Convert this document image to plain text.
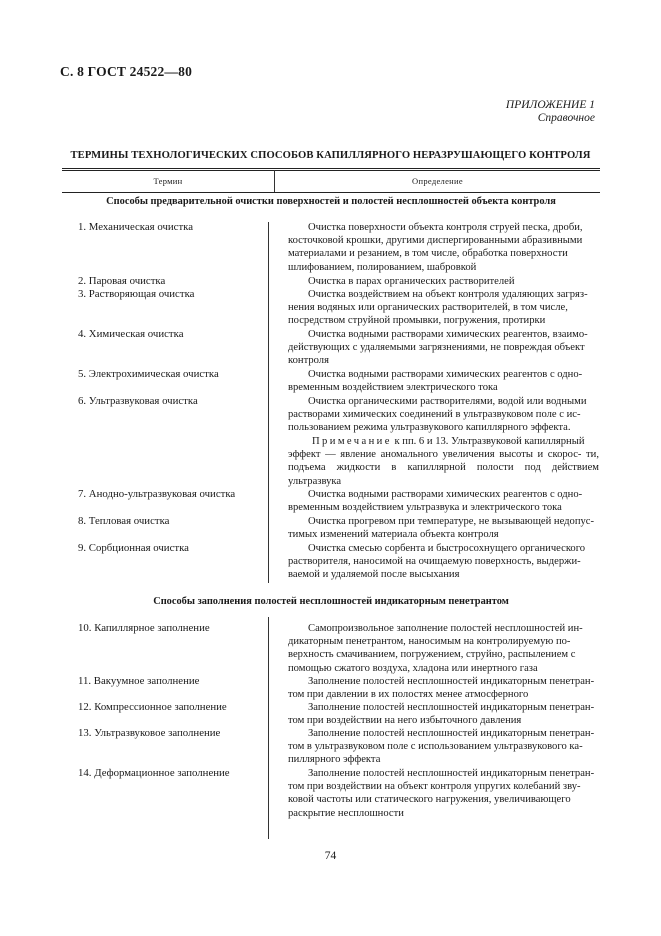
С. 8 ГОСТ 24522—80
ПРИЛОЖЕНИЕ 1
Справочное
ТЕРМИНЫ ТЕХНОЛОГИЧЕСКИХ СПОСОБОВ КАПИЛЛЯРНОГО НЕРАЗРУШАЮЩЕГО КОНТРОЛЯ
Термин	Определение
Способы предварительной очистки поверхностей и полостей несплошностей объекта контроля
1. Механическая очистка	Очистка поверхности объекта контроля струей песка, дроби,
косточковой крошки, другими диспергированными абразивными
материалами и резанием, в том числе, обработка поверхности
шлифованием, полированием, шабровкой
2. Паровая очистка	Очистка в парах органических растворителей
3. Растворяющая очистка	Очистка воздействием на объект контроля удаляющих загряз-
нения водяных или органических растворителей, в том числе,
посредством струйной промывки, погружения, протирки
4. Химическая очистка	Очистка водными растворами химических реагентов, взаимо-
действующих с удаляемыми загрязнениями, не повреждая объект
контроля
5. Электрохимическая очистка	Очистка водными растворами химических реагентов с одно-
временным воздействием электрического тока
6. Ультразвуковая очистка	Очистка органическими растворителями, водой или водными
растворами химических соединений в ультразвуковом поле с ис-
пользованием режима ультразвукового капиллярного эффекта.
Примечание к пп. 6 и 13. Ультразвуковой капиллярный
эффект — явление аномального увеличения высоты и скорос- ти, подъема жидкости в капиллярной полости под действием ультразвука
7. Анодно-ультразвуковая очистка	Очистка водными растворами химических реагентов с одно-
временным воздействием ультразвука и электрического тока
8. Тепловая очистка	Очистка прогревом при температуре, не вызывающей недопус-
тимых изменений материала объекта контроля
9. Сорбционная очистка	Очистка смесью сорбента и быстросохнущего органического
растворителя, наносимой на очищаемую поверхность, выдержи-
ваемой и удаляемой после высыхания
Способы заполнения полостей несплошностей индикаторным пенетрантом
10. Капиллярное заполнение	Самопроизвольное заполнение полостей несплошностей ин-
дикаторным пенетрантом, наносимым на контролируемую по-
верхность смачиванием, погружением, струйно, распылением с
помощью сжатого воздуха, хладона или инертного газа
11. Вакуумное заполнение	Заполнение полостей несплошностей индикаторным пенетран-
том при давлении в их полостях менее атмосферного
12. Компрессионное заполнение	Заполнение полостей несплошностей индикаторным пенетран-
том при воздействии на него избыточного давления
13. Ультразвуковое заполнение	Заполнение полостей несплошностей индикаторным пенетран-
том в ультразвуковом поле с использованием ультразвукового ка-
пиллярного эффекта
14. Деформационное заполнение	Заполнение полостей несплошностей индикаторным пенетран-
том при воздействии на объект контроля упругих колебаний зву-
ковой частоты или статического нагружения, увеличивающего
раскрытие несплошности
74
